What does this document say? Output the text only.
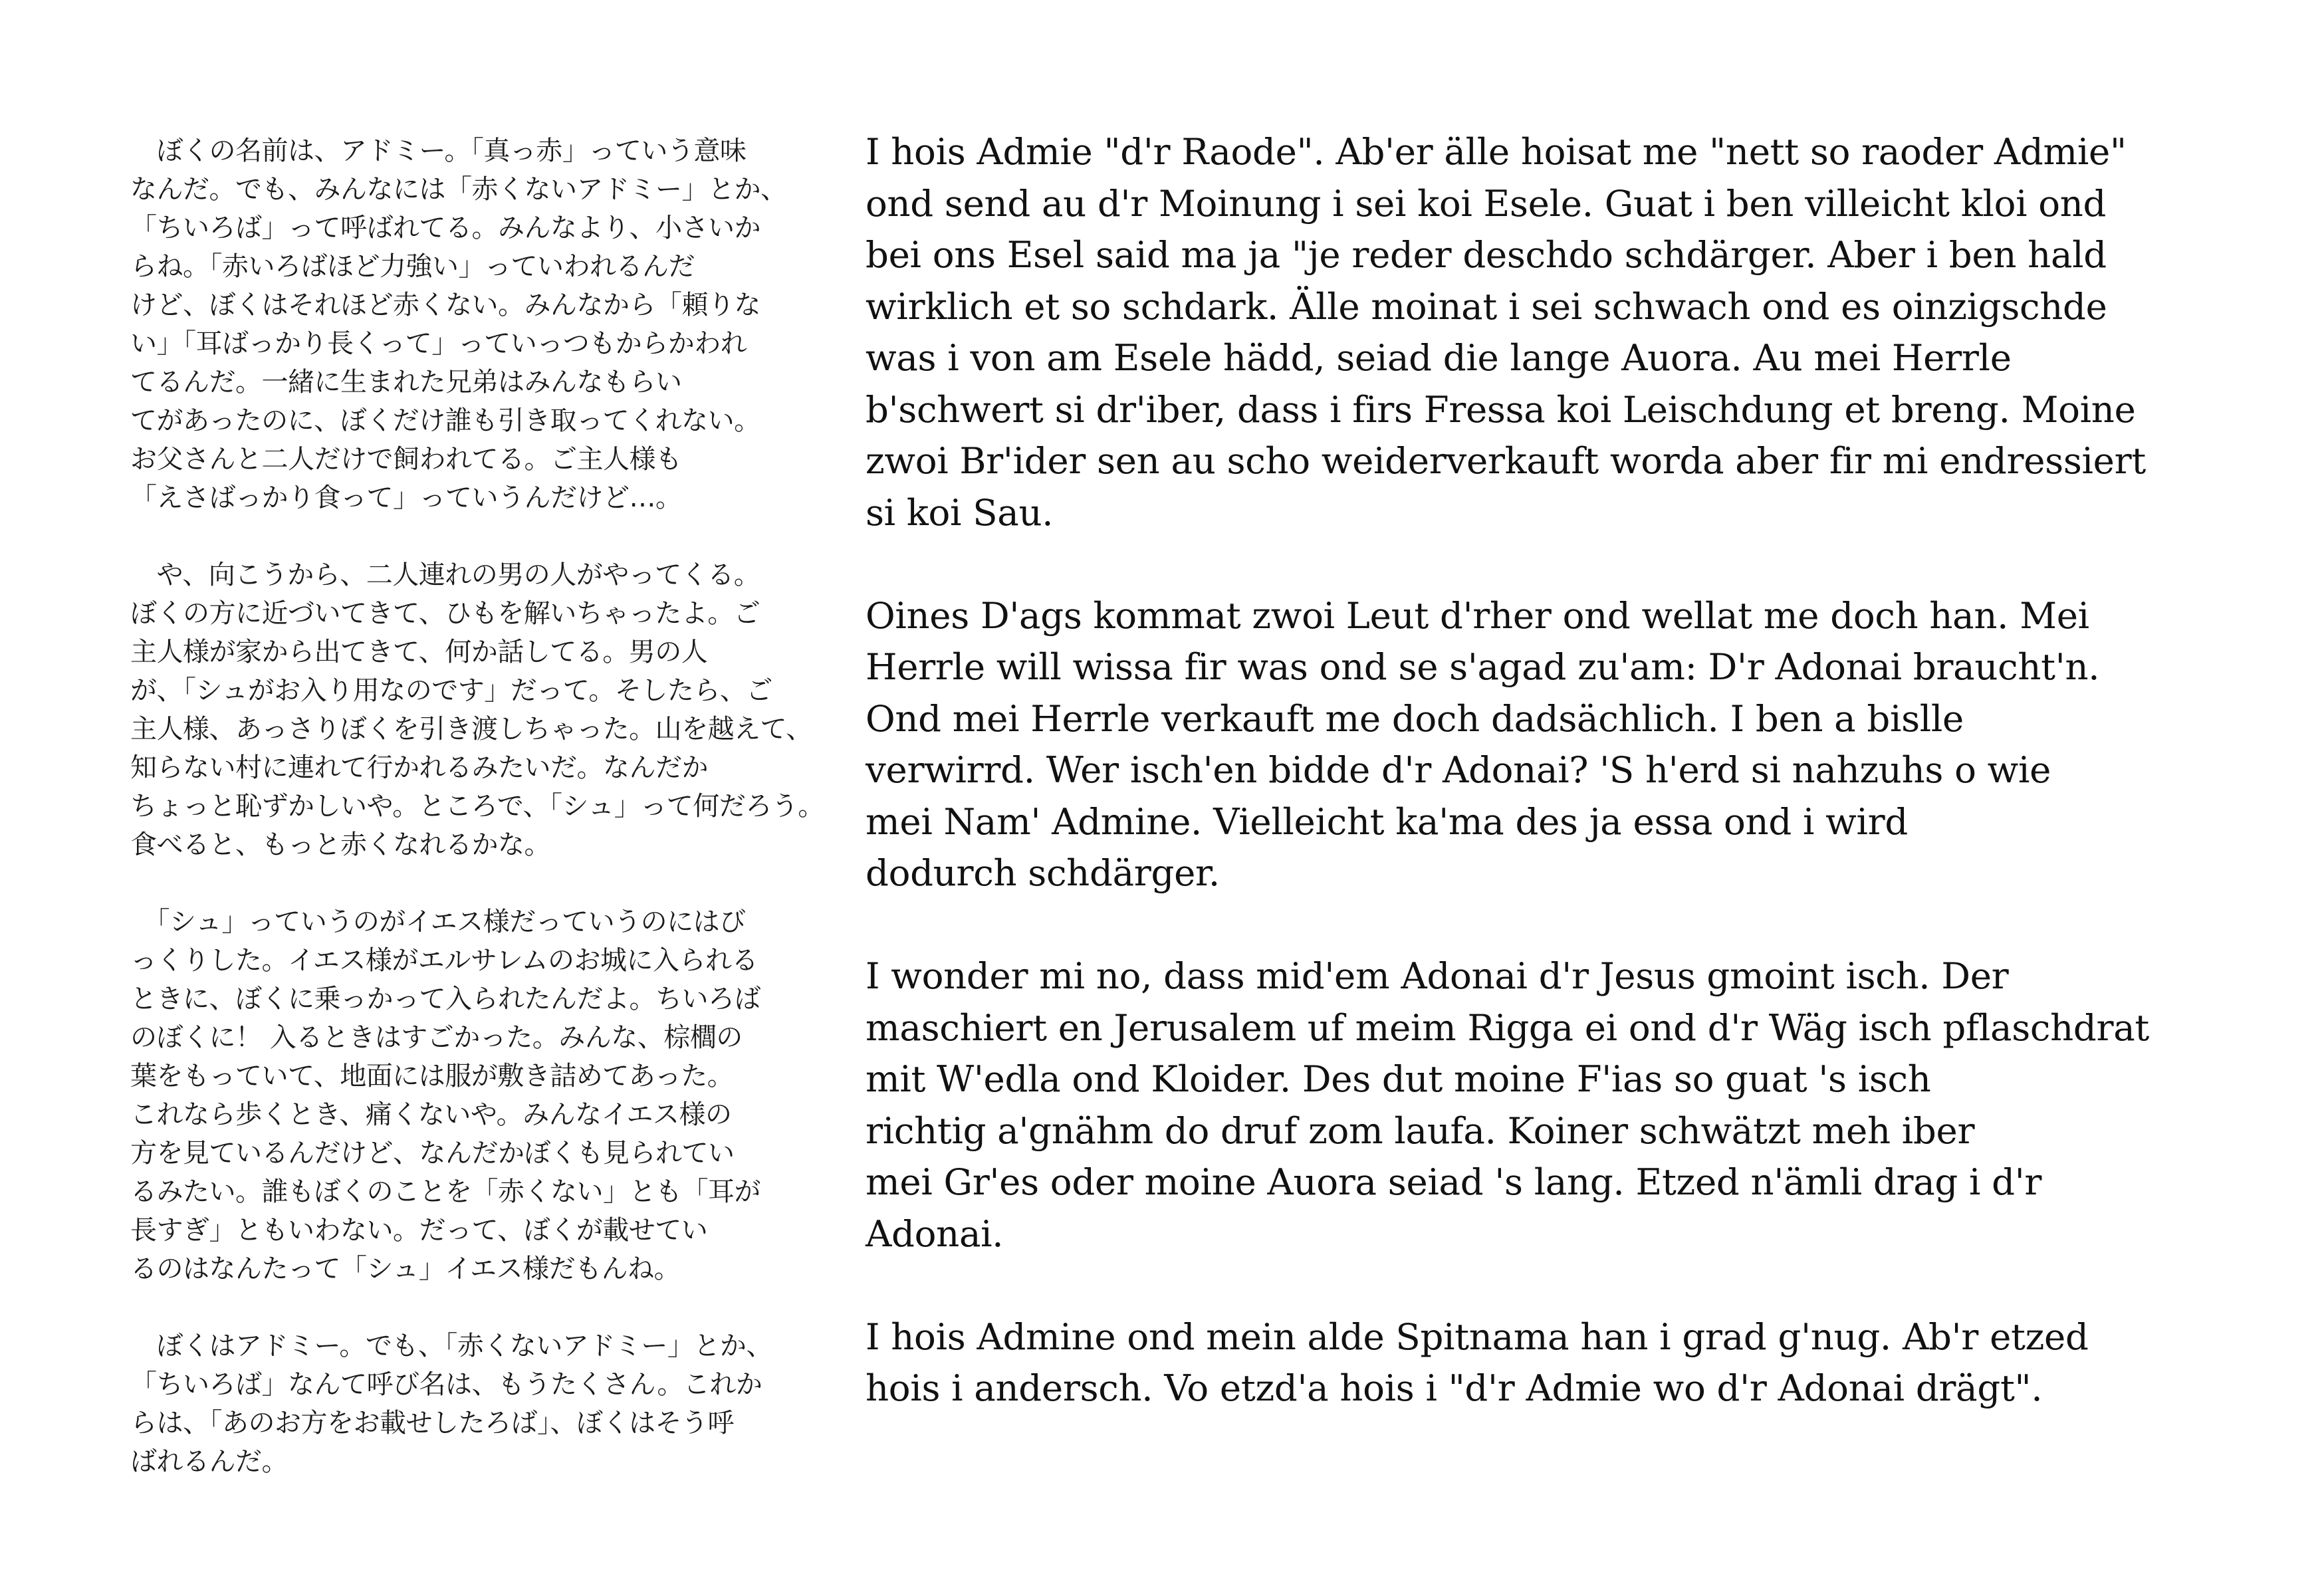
　ぼくの名前は、アドミー。「真っ赤」っていう意味
なんだ。でも、みんなには「赤くないアドミー」とか、
「ちいろば」って呼ばれてる。みんなより、小さいか
らね。「赤いろばほど力強い」っていわれるんだ
けど、ぼくはそれほど赤くない。みんなから「頼りな
い」「耳ばっかり長くって」っていっつもからかわれ
てるんだ。一緒に生まれた兄弟はみんなもらい
てがあったのに、ぼくだけ誰も引き取ってくれない。
お父さんと二人だけで飼われてる。ご主人様も
「えさばっかり食って」っていうんだけど…。

　や、向こうから、二人連れの男の人がやってくる。
ぼくの方に近づいてきて、ひもを解いちゃったよ。ご
主人様が家から出てきて、何か話してる。男の人
が、「シュがお入り用なのです」だって。そしたら、ご
主人様、あっさりぼくを引き渡しちゃった。山を越えて、
知らない村に連れて行かれるみたいだ。なんだか
ちょっと恥ずかしいや。ところで、「シュ」って何だろう。
食べると、もっと赤くなれるかな。

　「シュ」っていうのがイエス様だっていうのにはび
っくりした。イエス様がエルサレムのお城に入られる
ときに、ぼくに乗っかって入られたんだよ。ちいろば
のぼくに！ 入るときはすごかった。みんな、棕櫚の
葉をもっていて、地面には服が敷き詰めてあった。
これなら歩くとき、痛くないや。みんなイエス様の
方を見ているんだけど、なんだかぼくも見られてい
るみたい。誰もぼくのことを「赤くない」とも「耳が
長すぎ」ともいわない。だって、ぼくが載せてい
るのはなんたって「シュ」イエス様だもんね。

　ぼくはアドミー。でも、「赤くないアドミー」とか、
「ちいろば」なんて呼び名は、もうたくさん。これか
らは、「あのお方をお載せしたろば」、ぼくはそう呼
ばれるんだ。

I hois Admie "d'r Raode". Ab'er älle hoisat me "nett so raoder Admie"
ond send au d'r Moinung i sei koi Esele. Guat i ben villeicht kloi ond
bei ons Esel said ma ja "je reder deschdo schdärger. Aber i ben hald
wirklich et so schdark. Älle moinat i sei schwach ond es oinzigschde
was i von am Esele hädd, seiad die lange Auora. Au mei Herrle
b'schwert si dr'iber, dass i firs Fressa koi Leischdung et breng. Moine
zwoi Br'ider sen au scho weiderverkauft worda aber fir mi endressiert
si koi Sau.

Oines D'ags kommat zwoi Leut d'rher ond wellat me doch han. Mei
Herrle will wissa fir was ond se s'agad zu'am: D'r Adonai braucht'n.
Ond mei Herrle verkauft me doch dadsächlich. I ben a bislle
verwirrd. Wer isch'en bidde d'r Adonai? 'S h'erd si nahzuhs o wie
mei Nam' Admine. Vielleicht ka'ma des ja essa ond i wird
dodurch schdärger.

I wonder mi no, dass mid'em Adonai d'r Jesus gmoint isch. Der
maschiert en Jerusalem uf meim Rigga ei ond d'r Wäg isch pflaschdrat
mit W'edla ond Kloider. Des dut moine F'ias so guat 's isch
richtig a'gnähm do druf zom laufa. Koiner schwätzt meh iber
mei Gr'es oder moine Auora seiad 's lang. Etzed n'ämli drag i d'r
Adonai.

I hois Admine ond mein alde Spitnama han i grad g'nug. Ab'r etzed
hois i andersch. Vo etzd'a hois i "d'r Admie wo d'r Adonai drägt".
